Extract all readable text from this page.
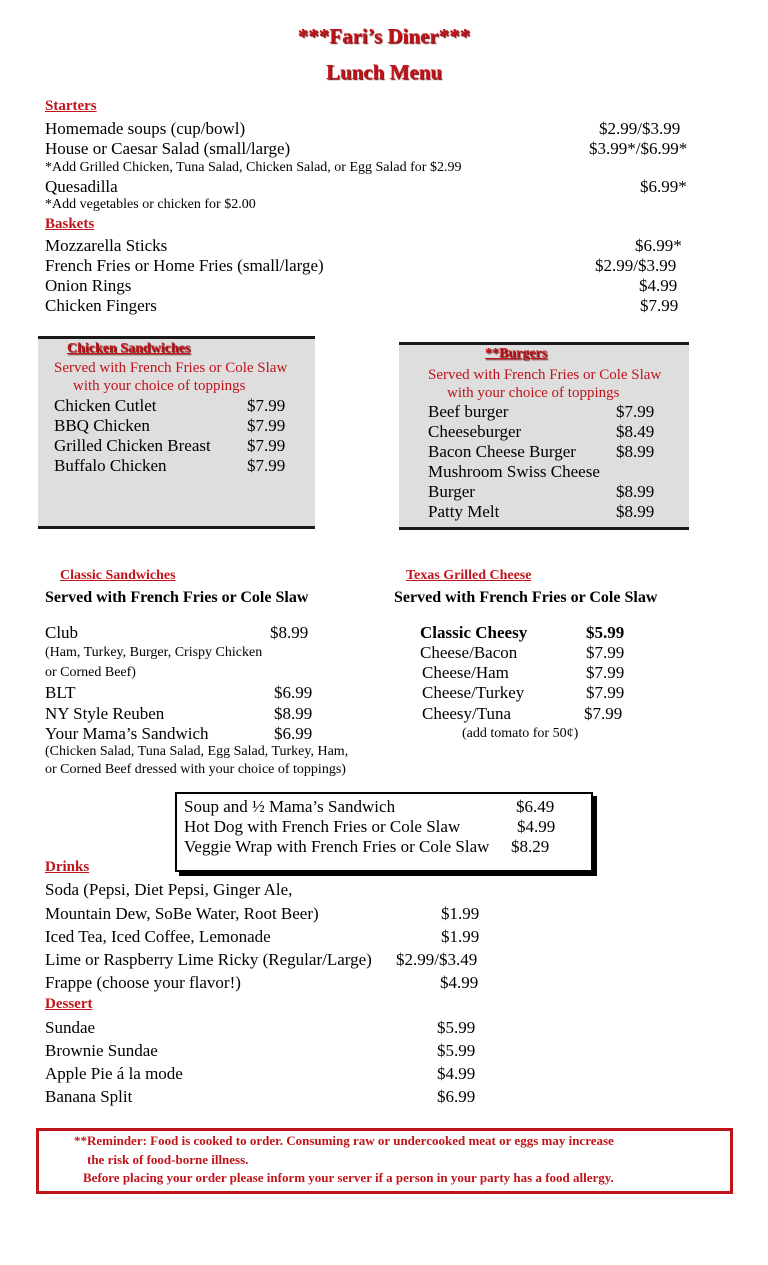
***Fari’s Diner***
Lunch Menu
Starters
Homemade soups (cup/bowl)	$2.99/$3.99
House or Caesar Salad (small/large)	$3.99*/$6.99*
*Add Grilled Chicken, Tuna Salad, Chicken Salad, or Egg Salad for $2.99
Quesadilla	$6.99*
*Add vegetables or chicken for $2.00
Baskets
Mozzarella Sticks	$6.99*
French Fries or Home Fries (small/large)	$2.99/$3.99
Onion Rings	$4.99
Chicken Fingers	$7.99
Chicken Sandwiches
Served with French Fries or Cole Slaw
with your choice of toppings
Chicken Cutlet	$7.99
BBQ Chicken	$7.99
Grilled Chicken Breast $7.99
Buffalo Chicken	$7.99
**Burgers
Served with French Fries or Cole Slaw
with your choice of toppings
Beef burger	$7.99
Cheeseburger	$8.49
Bacon Cheese Burger $8.99
Mushroom Swiss Cheese
Burger	$8.99
Patty Melt	$8.99
Classic Sandwiches
Served with French Fries or Cole Slaw
Club	$8.99
(Ham, Turkey, Burger, Crispy Chicken
or Corned Beef)
BLT	$6.99
NY Style Reuben	$8.99
Your Mama’s Sandwich	$6.99
(Chicken Salad, Tuna Salad, Egg Salad, Turkey, Ham,
or Corned Beef dressed with your choice of toppings)
Texas Grilled Cheese
Served with French Fries or Cole Slaw
Classic Cheesy	$5.99
Cheese/Bacon	$7.99
Cheese/Ham	$7.99
Cheese/Turkey	$7.99
Cheesy/Tuna	$7.99
(add tomato for 50¢)
Soup and ½ Mama’s Sandwich	$6.49
Hot Dog with French Fries or Cole Slaw	$4.99
Veggie Wrap with French Fries or Cole Slaw $8.29
Drinks
Soda (Pepsi, Diet Pepsi, Ginger Ale,
Mountain Dew, SoBe Water, Root Beer)	$1.99
Iced Tea, Iced Coffee, Lemonade	$1.99
Lime or Raspberry Lime Ricky (Regular/Large) $2.99/$3.49
Frappe (choose your flavor!)	$4.99
Dessert
Sundae	$5.99
Brownie Sundae	$5.99
Apple Pie á la mode	$4.99
Banana Split	$6.99
**Reminder: Food is cooked to order. Consuming raw or undercooked meat or eggs may increase
the risk of food-borne illness.
Before placing your order please inform your server if a person in your party has a food allergy.
